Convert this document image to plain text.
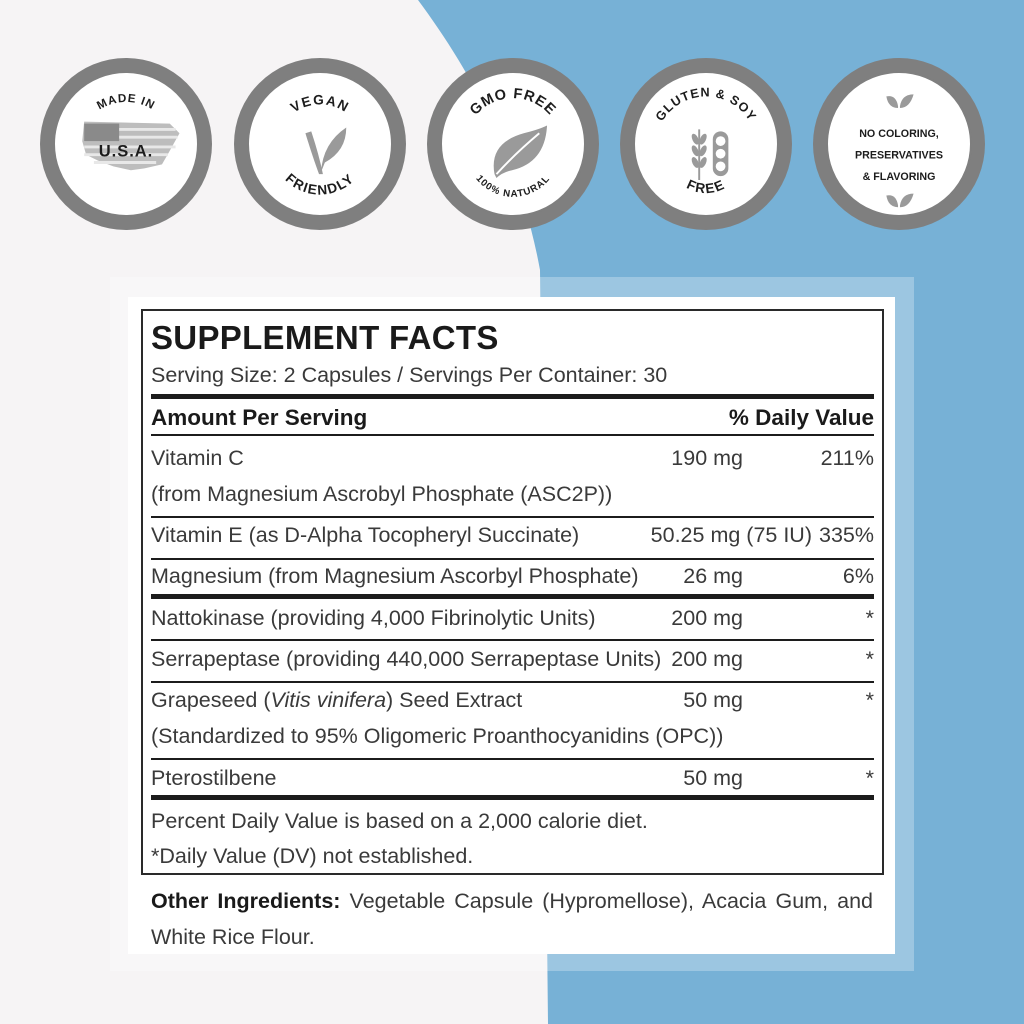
MADE IN
U.S.A.
VEGAN
FRIENDLY
GMO FREE
100% NATURAL
GLUTEN & SOY
FREE
NO COLORING,
PRESERVATIVES
& FLAVORING
SUPPLEMENT FACTS
Serving Size: 2 Capsules / Servings Per Container: 30
Amount Per Serving	% Daily Value
Vitamin C
(from Magnesium Ascrobyl Phosphate (ASC2P))
190 mg	211%
Vitamin E (as D-Alpha Tocopheryl Succinate)	50.25 mg (75 IU) 335%
Magnesium (from Magnesium Ascorbyl Phosphate) 26 mg	6%
Nattokinase (providing 4,000 Fibrinolytic Units)	200 mg	*
Serrapeptase (providing 440,000 Serrapeptase Units) 200 mg	*
Grapeseed (Vitis vinifera) Seed Extract
(Standardized to 95% Oligomeric Proanthocyanidins (OPC))
50 mg	*
Pterostilbene	50 mg	*
Percent Daily Value is based on a 2,000 calorie diet.
*Daily Value (DV) not established.
Other Ingredients: Vegetable Capsule (Hypromellose), Acacia Gum, and White Rice Flour.
